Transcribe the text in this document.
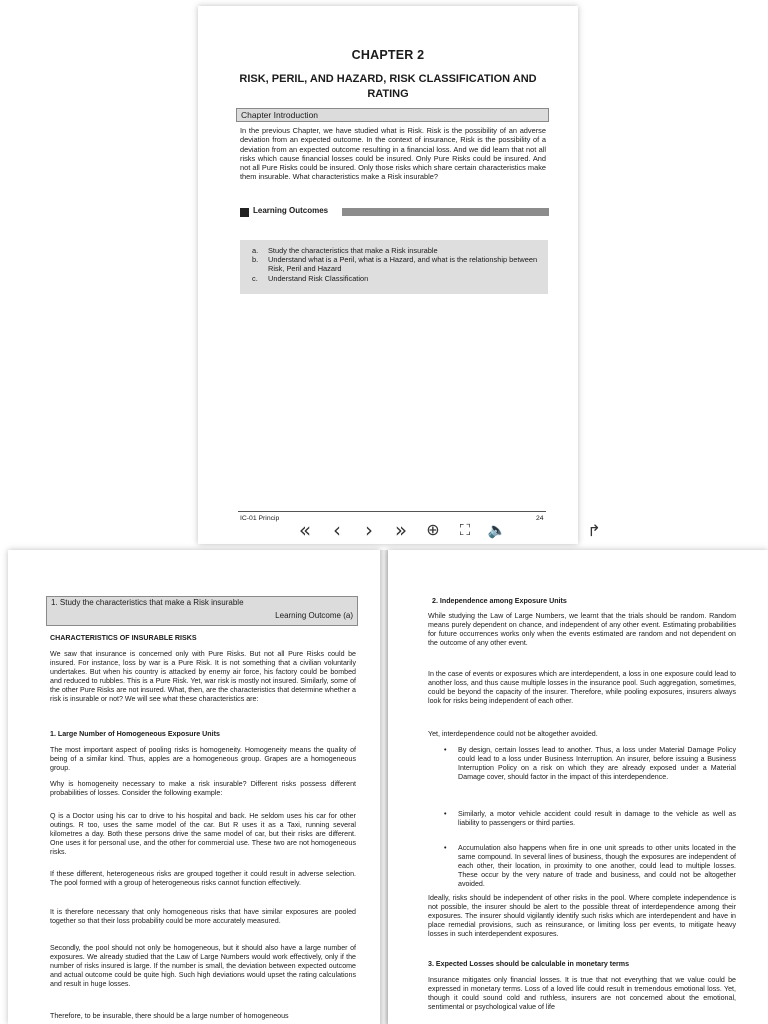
CHAPTER 2
RISK, PERIL, AND HAZARD, RISK CLASSIFICATION AND RATING
Chapter Introduction
In the previous Chapter, we have studied what is Risk. Risk is the possibility of an adverse deviation from an expected outcome. In the context of insurance, Risk is the possibility of a deviation from an expected outcome resulting in a financial loss. And we did learn that not all risks which cause financial losses could be insured. Only Pure Risks could be insured. And not all Pure Risks could be insured. Only those risks which share certain characteristics make them insurable. What characteristics make a Risk insurable?
Learning Outcomes
a.	Study the characteristics that make a Risk insurable
b.	Understand what is a Peril, what is a Hazard, and what is the relationship between Risk, Peril and Hazard
c.	Understand Risk Classification
IC-01 Princip	24
«	‹	›	»	⊕	⛶	🔈	↱
1. Study the characteristics that make a Risk insurable
Learning Outcome (a)
CHARACTERISTICS OF INSURABLE RISKS
We saw that insurance is concerned only with Pure Risks. But not all Pure Risks could be insured. For instance, loss by war is a Pure Risk. It is not something that a civilian voluntarily undertakes. But when his country is attacked by enemy air force, his factory could be bombed and reduced to rubbles. This is a Pure Risk. Yet, war risk is mostly not insured. Similarly, some of the other Pure Risks are not insured. What, then, are the characteristics that determine whether a risk is insurable or not? We will see what these characteristics are:
1. Large Number of Homogeneous Exposure Units
The most important aspect of pooling risks is homogeneity. Homogeneity means the quality of being of a similar kind. Thus, apples are a homogeneous group. Grapes are a homogeneous group.
Why is homogeneity necessary to make a risk insurable? Different risks possess different probabilities of losses. Consider the following example:
Q is a Doctor using his car to drive to his hospital and back. He seldom uses his car for other outings. R too, uses the same model of the car. But R uses it as a Taxi, running several kilometres a day. Both these persons drive the same model of car, but their risks are different. One uses it for personal use, and the other for commercial use. These two are not homogeneous risks.
If these different, heterogeneous risks are grouped together it could result in adverse selection. The pool formed with a group of heterogeneous risks cannot function effectively.
It is therefore necessary that only homogeneous risks that have similar exposures are pooled together so that their loss probability could be more accurately measured.
Secondly, the pool should not only be homogeneous, but it should also have a large number of exposures. We already studied that the Law of Large Numbers would work effectively, only if the number of risks insured is large. If the number is small, the deviation between expected outcome and actual outcome could be quite high. Such high deviations would upset the rating calculations and result in huge losses.
Therefore, to be insurable, there should be a large number of homogeneous
2. Independence among Exposure Units
While studying the Law of Large Numbers, we learnt that the trials should be random. Random means purely dependent on chance, and independent of any other event. Estimating probabilities for future occurrences works only when the events estimated are random and not dependent on the outcome of any other event.
In the case of events or exposures which are interdependent, a loss in one exposure could lead to another loss, and thus cause multiple losses in the insurance pool. Such aggregation, sometimes, could be beyond the capacity of the insurer. Therefore, while pooling exposures, insurers always look for risks being independent of each other.
Yet, interdependence could not be altogether avoided.
•	By design, certain losses lead to another. Thus, a loss under Material Damage Policy could lead to a loss under Business Interruption. An insurer, before issuing a Business Interruption Policy on a risk on which they are already exposed under a Material Damage cover, should factor in the impact of this interdependence.
•	Similarly, a motor vehicle accident could result in damage to the vehicle as well as liability to passengers or third parties.
•	Accumulation also happens when fire in one unit spreads to other units located in the same compound. In several lines of business, though the exposures are independent of each other, their location, in proximity to one another, could lead to multiple losses. These occur by the very nature of trade and business, and could not be altogether avoided.
Ideally, risks should be independent of other risks in the pool. Where complete independence is not possible, the insurer should be alert to the possible threat of interdependence among their exposures. The insurer should vigilantly identify such risks which are interdependent and have in place remedial provisions, such as reinsurance, or limiting loss per events, to mitigate heavy losses in such interdependent exposures.
3. Expected Losses should be calculable in monetary terms
Insurance mitigates only financial losses. It is true that not everything that we value could be expressed in monetary terms. Loss of a loved life could result in tremendous emotional loss. Yet, though it could sound cold and ruthless, insurers are not concerned about the emotional, sentimental or psychological value of life
